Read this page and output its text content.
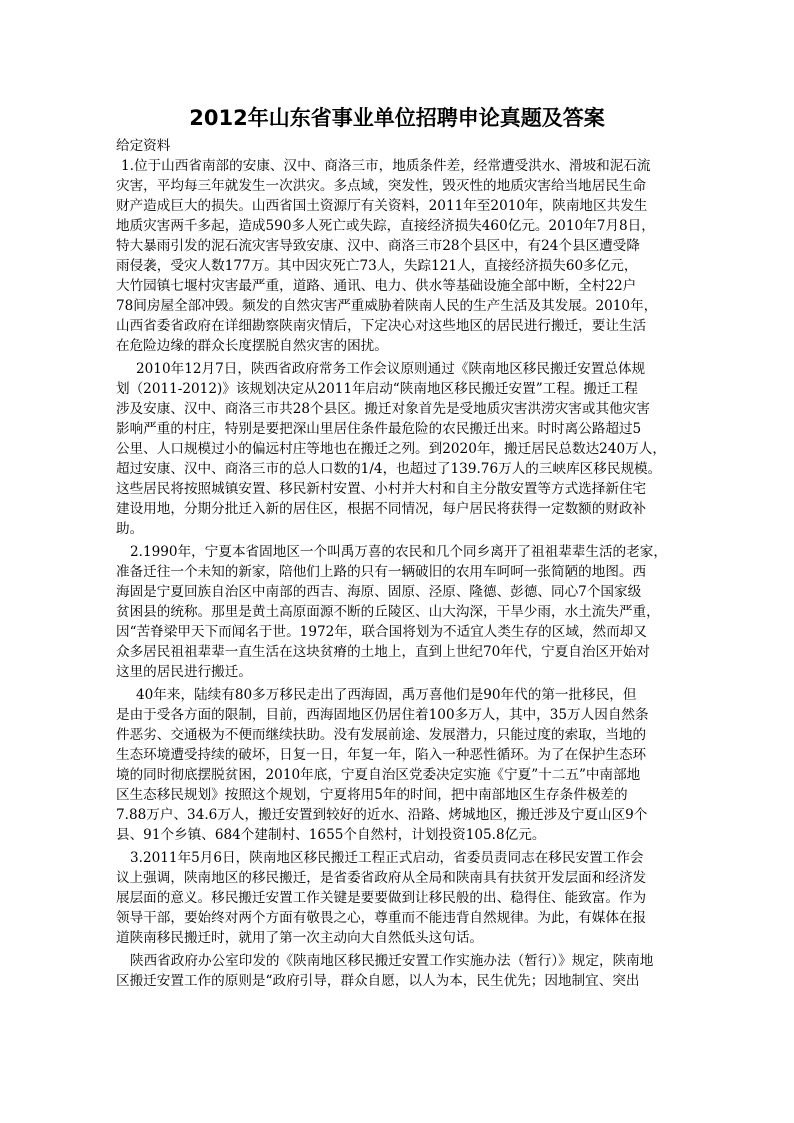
2012年山东省事业单位招聘申论真题及答案
给定资料
1.位于山西省南部的安康、汉中、商洛三市，地质条件差，经常遭受洪水、滑坡和泥石流
灾害，平均每三年就发生一次洪灾。多点域，突发性，毁灭性的地质灾害给当地居民生命
财产造成巨大的损失。山西省国土资源厅有关资料，2011年至2010年，陕南地区共发生
地质灾害两千多起，造成590多人死亡或失踪，直接经济损失460亿元。2010年7月8日，
特大暴雨引发的泥石流灾害导致安康、汉中、商洛三市28个县区中，有24个县区遭受降
雨侵袭，受灾人数177万。其中因灾死亡73人，失踪121人，直接经济损失60多亿元，
大竹园镇七堰村灾害最严重，道路、通讯、电力、供水等基础设施全部中断，全村22户
78间房屋全部冲毁。频发的自然灾害严重威胁着陕南人民的生产生活及其发展。2010年，
山西省委省政府在详细勘察陕南灾情后，下定决心对这些地区的居民进行搬迁，要让生活
在危险边缘的群众长度摆脱自然灾害的困扰。
2010年12月7日，陕西省政府常务工作会议原则通过《陕南地区移民搬迁安置总体规
划（2011-2012)》该规划决定从2011年启动“陕南地区移民搬迁安置”工程。搬迁工程
涉及安康、汉中、商洛三市共28个县区。搬迁对象首先是受地质灾害洪涝灾害或其他灾害
影响严重的村庄，特别是要把深山里居住条件最危险的农民搬迁出来。时时离公路超过5
公里、人口规模过小的偏远村庄等地也在搬迁之列。到2020年，搬迁居民总数达240万人，
超过安康、汉中、商洛三市的总人口数的1/4，也超过了139.76万人的三峡库区移民规模。
这些居民将按照城镇安置、移民新村安置、小村并大村和自主分散安置等方式选择新住宅
建设用地，分期分批迁入新的居住区，根据不同情况，每户居民将获得一定数额的财政补
助。
2.1990年，宁夏本省固地区一个叫禹万喜的农民和几个同乡离开了祖祖辈辈生活的老家，
准备迁往一个未知的新家，陪他们上路的只有一辆破旧的农用车呵呵一张简陋的地图。西
海固是宁夏回族自治区中南部的西吉、海原、固原、泾原、隆德、彭德、同心7个国家级
贫困县的统称。那里是黄土高原面源不断的丘陵区、山大沟深，干旱少雨，水土流失严重，
因“苦脊梁甲天下而闻名于世。1972年，联合国将划为不适宜人类生存的区域，然而却又
众多居民祖祖辈辈一直生活在这块贫瘠的土地上，直到上世纪70年代，宁夏自治区开始对
这里的居民进行搬迁。
40年来，陆续有80多万移民走出了西海固，禹万喜他们是90年代的第一批移民，但
是由于受各方面的限制，目前，西海固地区仍居住着100多万人，其中，35万人因自然条
件恶劣、交通极为不便而继续扶助。没有发展前途、发展潜力，只能过度的索取，当地的
生态环境遭受持续的破坏，日复一日，年复一年，陷入一种恶性循环。为了在保护生态环
境的同时彻底摆脱贫困，2010年底，宁夏自治区党委决定实施《宁夏”十二五”中南部地
区生态移民规划》按照这个规划，宁夏将用5年的时间，把中南部地区生存条件极差的
7.88万户、34.6万人，搬迁安置到较好的近水、沿路、烤城地区，搬迁涉及宁夏山区9个
县、91个乡镇、684个建制村、1655个自然村，计划投资105.8亿元。
3.2011年5月6日，陕南地区移民搬迁工程正式启动，省委员责同志在移民安置工作会
议上强调，陕南地区的移民搬迁，是省委省政府从全局和陕南具有扶贫开发层面和经济发
展层面的意义。移民搬迁安置工作关键是要要做到让移民般的出、稳得住、能致富。作为
领导干部，要始终对两个方面有敬畏之心，尊重而不能违背自然规律。为此，有媒体在报
道陕南移民搬迁时，就用了第一次主动向大自然低头这句话。
陕西省政府办公室印发的《陕南地区移民搬迁安置工作实施办法（暂行）》规定，陕南地
区搬迁安置工作的原则是“政府引导，群众自愿，以人为本，民生优先；因地制宜、突出
